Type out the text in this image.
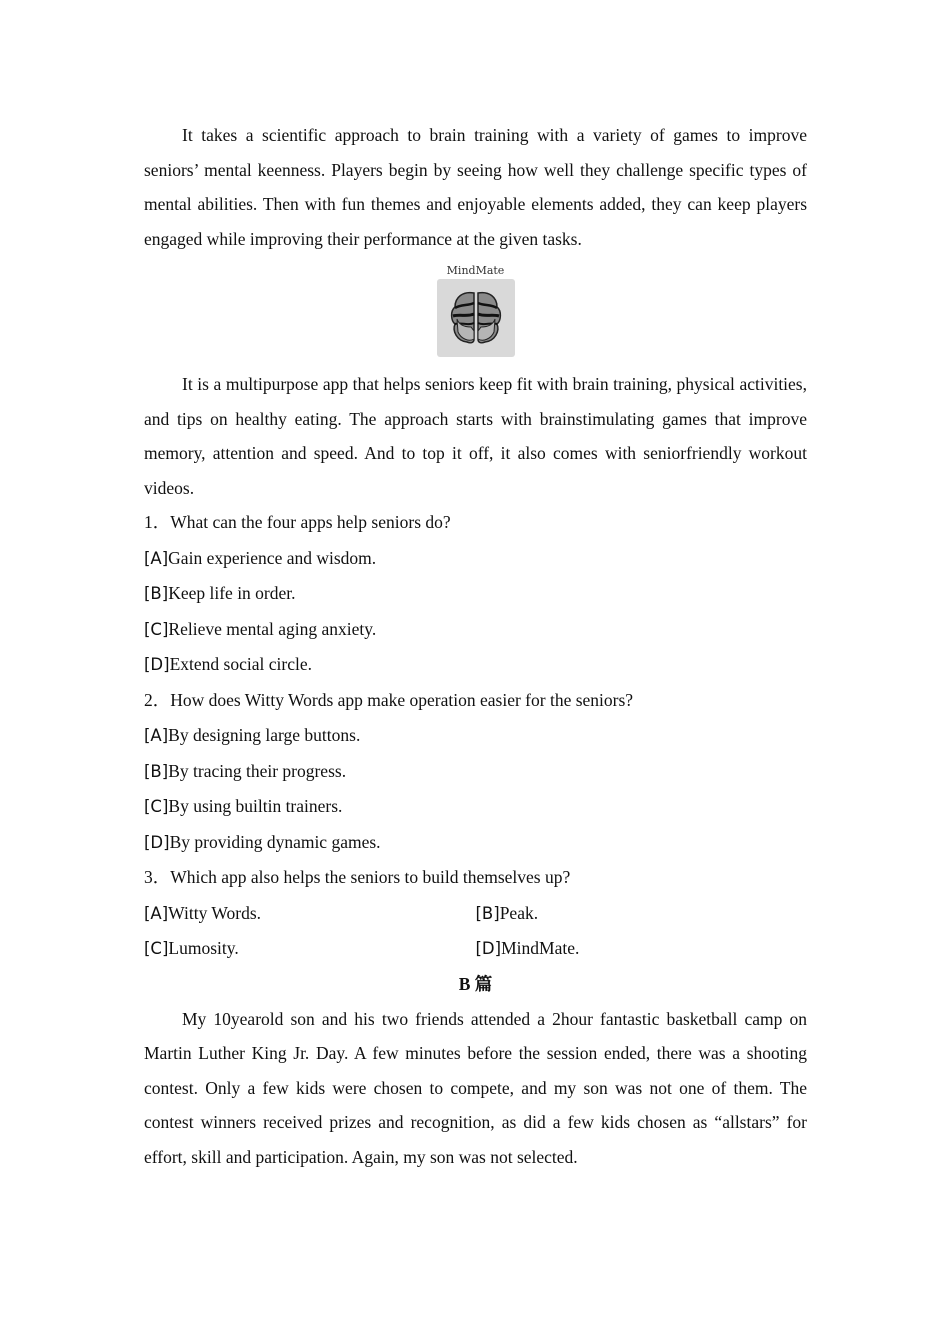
It takes a scientific approach to brain training with a variety of games to improve seniors’ mental keenness. Players begin by seeing how well they challenge specific types of mental abilities. Then with fun themes and enjoyable elements added, they can keep players engaged while improving their performance at the given tasks.

MindMate

It is a multipurpose app that helps seniors keep fit with brain training, physical activities, and tips on healthy eating. The approach starts with brainstimulating games that improve memory, attention and speed. And to top it off, it also comes with seniorfriendly workout videos.

1．What can the four apps help seniors do?

[A]Gain experience and wisdom.

[B]Keep life in order.

[C]Relieve mental aging anxiety.

[D]Extend social circle.

2．How does Witty Words app make operation easier for the seniors?

[A]By designing large buttons.

[B]By tracing their progress.

[C]By using builtin trainers.

[D]By providing dynamic games.

3．Which app also helps the seniors to build themselves up?

[A]Witty Words.	[B]Peak.

[C]Lumosity.	[D]MindMate.

B 篇

My 10yearold son and his two friends attended a 2hour fantastic basketball camp on Martin Luther King Jr. Day. A few minutes before the session ended, there was a shooting contest. Only a few kids were chosen to compete, and my son was not one of them. The contest winners received prizes and recognition, as did a few kids chosen as “allstars” for effort, skill and participation. Again, my son was not selected.
